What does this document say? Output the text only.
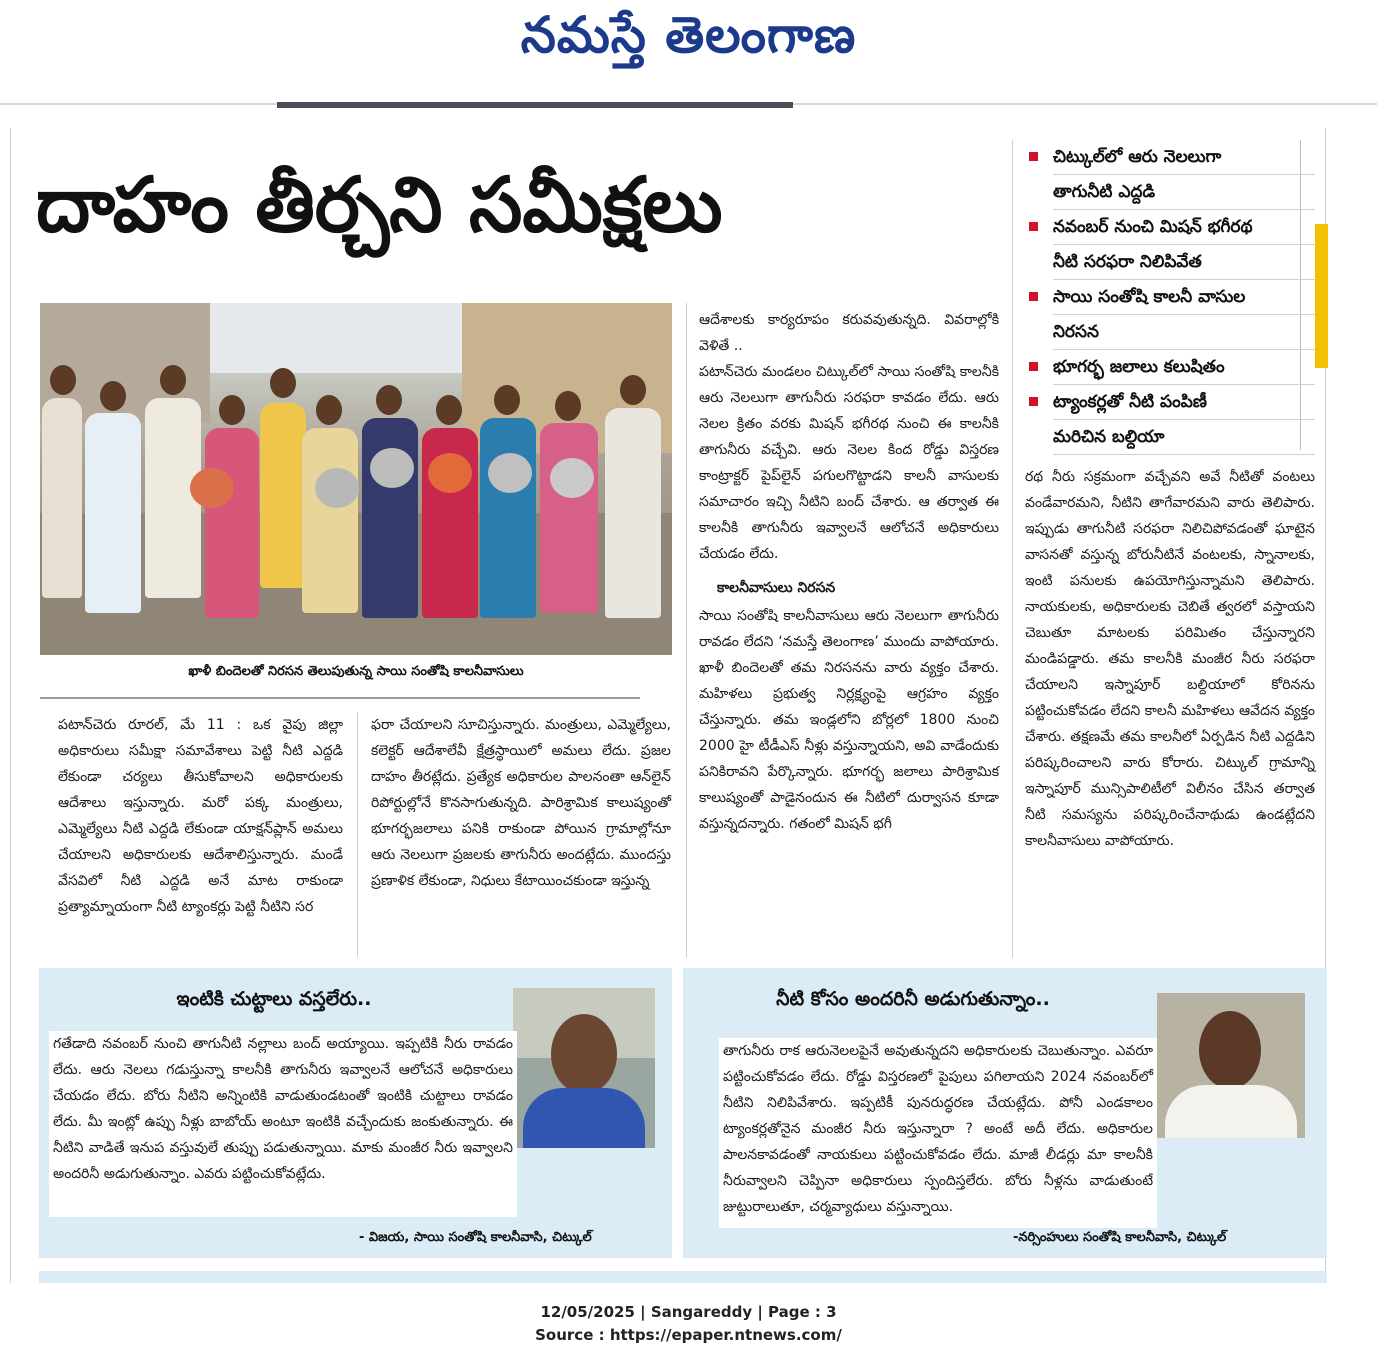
నమస్తే తెలంగాణ
దాహం తీర్చని సమీక్షలు
చిట్కుల్‌లో ఆరు నెలలుగా
తాగునీటి ఎద్దడి
నవంబర్ నుంచి మిషన్ భగీరథ
నీటి సరఫరా నిలిపివేత
సాయి సంతోషి కాలనీ వాసుల
నిరసన
భూగర్భ జలాలు కలుషితం
ట్యాంకర్లతో నీటి పంపిణీ
మరిచిన బల్దియా
ఖాళీ బిందెలతో నిరసన తెలుపుతున్న సాయి సంతోషి కాలనీవాసులు

పటాన్‌చెరు రూరల్, మే 11 : ఒక వైపు జిల్లా అధికారులు సమీక్షా సమావేశాలు పెట్టి నీటి ఎద్దడి లేకుండా చర్యలు తీసుకోవాలని అధికారులకు ఆదేశాలు ఇస్తున్నారు. మరో పక్క మంత్రులు, ఎమ్మెల్యేలు నీటి ఎద్దడి లేకుండా యాక్షన్‌ప్లాన్ అమలు చేయాలని అధికారులకు ఆదేశాలిస్తున్నారు. మండే వేసవిలో నీటి ఎద్దడి అనే మాట రాకుండా ప్రత్యామ్నాయంగా నీటి ట్యాంకర్లు పెట్టి నీటిని సర

ఫరా చేయాలని సూచిస్తున్నారు. మంత్రులు, ఎమ్మెల్యేలు, కలెక్టర్ ఆదేశాలేవీ క్షేత్రస్థాయిలో అమలు లేదు. ప్రజల దాహం తీరట్లేదు. ప్రత్యేక అధికారుల పాలనంతా ఆన్‌లైన్ రిపోర్టుల్లోనే కొనసాగుతున్నది. పారిశ్రామిక కాలుష్యంతో భూగర్భజలాలు పనికి రాకుండా పోయిన గ్రామాల్లోనూ ఆరు నెలలుగా ప్రజలకు తాగునీరు అందట్లేదు. ముందస్తు ప్రణాళిక లేకుండా, నిధులు కేటాయించకుండా ఇస్తున్న

ఆదేశాలకు కార్యరూపం కరువవుతున్నది. వివరాల్లోకి వెళితే ..

పటాన్‌చెరు మండలం చిట్కుల్‌లో సాయి సంతోషి కాలనీకి ఆరు నెలలుగా తాగునీరు సరఫరా కావడం లేదు. ఆరు నెలల క్రితం వరకు మిషన్ భగీరథ నుంచి ఈ కాలనీకి తాగునీరు వచ్చేవి. ఆరు నెలల కింద రోడ్డు విస్తరణ కాంట్రాక్టర్ పైప్‌లైన్ పగులగొట్టాడని కాలనీ వాసులకు సమాచారం ఇచ్చి నీటిని బంద్ చేశారు. ఆ తర్వాత ఈ కాలనీకి తాగునీరు ఇవ్వాలనే ఆలోచనే అధికారులు చేయడం లేదు.

కాలనీవాసులు నిరసన

సాయి సంతోషి కాలనీవాసులు ఆరు నెలలుగా తాగునీరు రావడం లేదని ‘నమస్తే తెలంగాణ’ ముందు వాపోయారు. ఖాళీ బిందెలతో తమ నిరసనను వారు వ్యక్తం చేశారు. మహిళలు ప్రభుత్వ నిర్లక్ష్యంపై ఆగ్రహం వ్యక్తం చేస్తున్నారు. తమ ఇండ్లలోని బోర్లలో 1800 నుంచి 2000 హై టీడీఎస్ నీళ్లు వస్తున్నాయని, అవి వాడేందుకు పనికిరావని పేర్కొన్నారు. భూగర్భ జలాలు పారిశ్రామిక కాలుష్యంతో పాడైనందున ఈ నీటిలో దుర్వాసన కూడా వస్తున్నదన్నారు. గతంలో మిషన్ భగీ

రథ నీరు సక్రమంగా వచ్చేవని అవే నీటితో వంటలు వండేవారమని, నీటిని తాగేవారమని వారు తెలిపారు. ఇప్పుడు తాగునీటి సరఫరా నిలిచిపోవడంతో ఘాటైన వాసనతో వస్తున్న బోరునీటినే వంటలకు, స్నానాలకు, ఇంటి పనులకు ఉపయోగిస్తున్నామని తెలిపారు. నాయకులకు, అధికారులకు చెబితే త్వరలో వస్తాయని చెబుతూ మాటలకు పరిమితం చేస్తున్నారని మండిపడ్డారు. తమ కాలనీకి మంజీర నీరు సరఫరా చేయాలని ఇస్నాపూర్ బల్దియాలో కోరినను పట్టించుకోవడం లేదని కాలనీ మహిళలు ఆవేదన వ్యక్తం చేశారు. తక్షణమే తమ కాలనీలో ఏర్పడిన నీటి ఎద్దడిని పరిష్కరించాలని వారు కోరారు. చిట్కుల్ గ్రామాన్ని ఇస్నాపూర్ మున్సిపాలిటీలో విలీనం చేసిన తర్వాత నీటి సమస్యను పరిష్కరించేనాథుడు ఉండట్లేదని కాలనీవాసులు వాపోయారు.

ఇంటికి చుట్టాలు వస్తలేరు..
గతేడాది నవంబర్ నుంచి తాగునీటి నల్లాలు బంద్ అయ్యాయి. ఇప్పటికి నీరు రావడం లేదు. ఆరు నెలలు గడుస్తున్నా కాలనీకి తాగునీరు ఇవ్వాలనే ఆలోచనే అధికారులు చేయడం లేదు. బోరు నీటిని అన్నింటికి వాడుతుండటంతో ఇంటికి చుట్టాలు రావడం లేదు. మీ ఇంట్లో ఉప్పు నీళ్లు బాబోయ్ అంటూ ఇంటికి వచ్చేందుకు జంకుతున్నారు. ఈ నీటిని వాడితే ఇనుప వస్తువులే తుప్పు పడుతున్నాయి. మాకు మంజీర నీరు ఇవ్వాలని అందరినీ అడుగుతున్నాం. ఎవరు పట్టించుకోవట్లేదు.
- విజయ, సాయి సంతోషి కాలనీవాసి, చిట్కుల్
నీటి కోసం అందరినీ అడుగుతున్నాం..
తాగునీరు రాక ఆరునెలలపైనే అవుతున్నదని అధికారులకు చెబుతున్నాం. ఎవరూ పట్టించుకోవడం లేదు. రోడ్డు విస్తరణలో పైపులు పగిలాయని 2024 నవంబర్‌లో నీటిని నిలిపివేశారు. ఇప్పటికీ పునరుద్ధరణ చేయట్లేదు. పోనీ ఎండకాలం ట్యాంకర్లతోనైన మంజీర నీరు ఇస్తున్నారా ? అంటే అదీ లేదు. అధికారుల పాలనకావడంతో నాయకులు పట్టించుకోవడం లేదు. మాజీ లీడర్లు మా కాలనీకి నీరువ్వాలని చెప్పినా అధికారులు స్పందిస్తలేరు. బోరు నీళ్లను వాడుతుంటే జుట్టురాలుతూ, చర్మవ్యాధులు వస్తున్నాయి.
-నర్సింహులు సంతోషి కాలనీవాసి, చిట్కుల్
12/05/2025 | Sangareddy | Page : 3
Source : https://epaper.ntnews.com/
